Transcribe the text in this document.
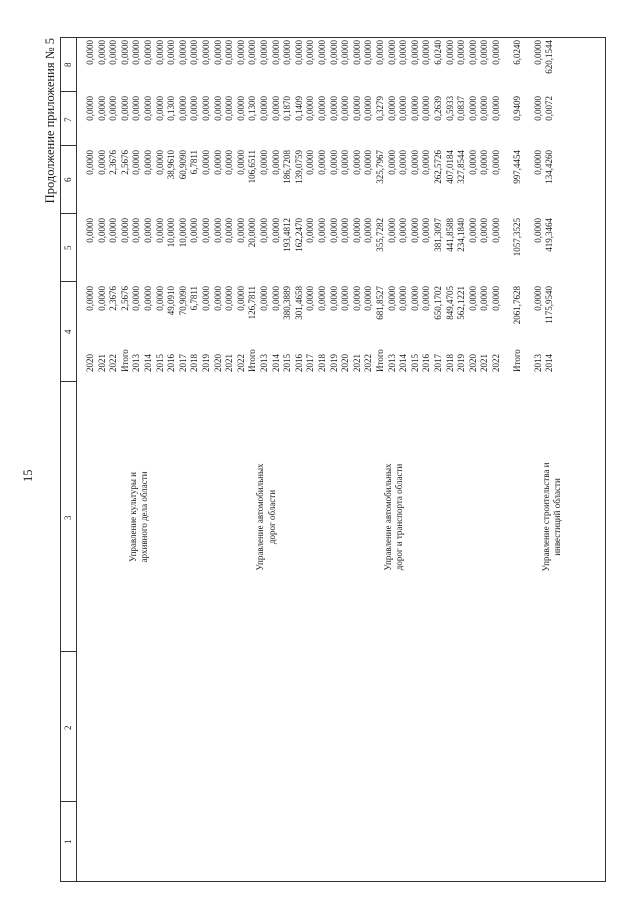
15
Продолжение приложения № 5
1
2
3
4
5
6
7
8
2020
0,0000
0,0000
0,0000
0,0000
0,0000
2021
0,0000
0,0000
0,0000
0,0000
0,0000
2022
2,3676
0,0000
2,3676
0,0000
0,0000
Итого
2,5676
0,0000
2,5676
0,0000
0,0000
2013
0,0000
0,0000
0,0000
0,0000
0,0000
2014
0,0000
0,0000
0,0000
0,0000
0,0000
2015
0,0000
0,0000
0,0000
0,0000
0,0000
2016
49,0910
10,0000
38,9610
0,1300
0,0000
2017
70,9090
10,0000
60,9090
0,0000
0,0000
2018
6,7811
0,0000
6,7811
0,0000
0,0000
2019
0,0000
0,0000
0,0000
0,0000
0,0000
2020
0,0000
0,0000
0,0000
0,0000
0,0000
2021
0,0000
0,0000
0,0000
0,0000
0,0000
2022
0,0000
0,0000
0,0000
0,0000
0,0000
Управление культуры и архивного дела области
Итого
126,7811
20,0000
106,6511
0,1300
0,0000
2013
0,0000
0,0000
0,0000
0,0000
0,0000
2014
0,0000
0,0000
0,0000
0,0000
0,0000
2015
380,3889
193,4812
186,7208
0,1870
0,0000
2016
301,4658
162,2470
139,0759
0,1409
0,0000
2017
0,0000
0,0000
0,0000
0,0000
0,0000
2018
0,0000
0,0000
0,0000
0,0000
0,0000
2019
0,0000
0,0000
0,0000
0,0000
0,0000
2020
0,0000
0,0000
0,0000
0,0000
0,0000
2021
0,0000
0,0000
0,0000
0,0000
0,0000
2022
0,0000
0,0000
0,0000
0,0000
0,0000
Управление автомобильных дорог области
Итого
681,8527
355,7282
325,7967
0,3279
0,0000
2013
0,0000
0,0000
0,0000
0,0000
0,0000
2014
0,0000
0,0000
0,0000
0,0000
0,0000
2015
0,0000
0,0000
0,0000
0,0000
0,0000
2016
0,0000
0,0000
0,0000
0,0000
0,0000
2017
650,1702
381,3097
262,5726
0,2639
6,0240
2018
849,4705
441,8588
407,0184
0,5933
0,0000
2019
562,1221
234,1840
327,8544
0,0837
0,0000
2020
0,0000
0,0000
0,0000
0,0000
0,0000
2021
0,0000
0,0000
0,0000
0,0000
0,0000
2022
0,0000
0,0000
0,0000
0,0000
0,0000
Управление автомобильных дорог и транспорта области
Итого
2061,7628
1057,3525
997,4454
0,9409
6,0240
2013
0,0000
0,0000
0,0000
0,0000
0,0000
2014
1175,9540
419,3464
134,4260
0,0072
620,1544
Управление строительства и инвестиций области
